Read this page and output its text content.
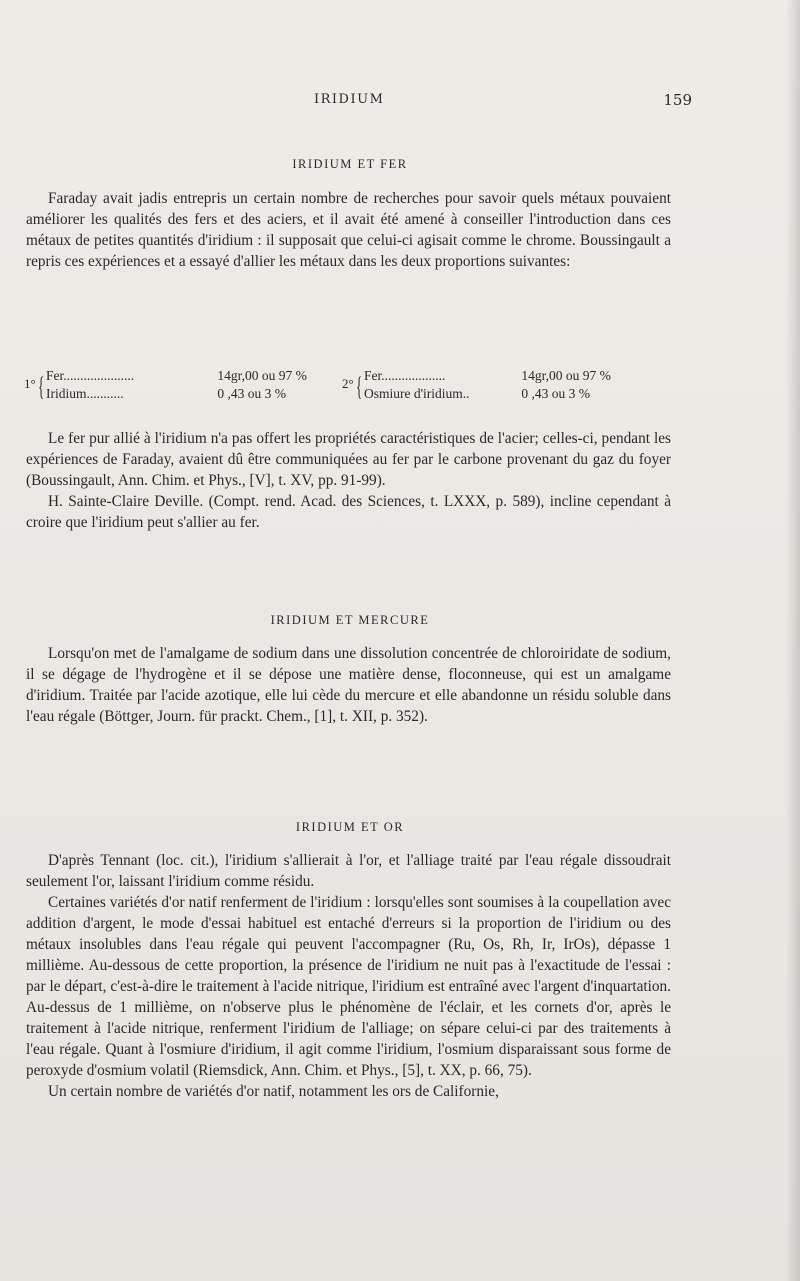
IRIDIUM	159
IRIDIUM ET FER

Faraday avait jadis entrepris un certain nombre de recherches pour savoir quels métaux pouvaient améliorer les qualités des fers et des aciers, et il avait été amené à conseiller l'introduction dans ces métaux de petites quantités d'iridium : il supposait que celui-ci agisait comme le chrome. Boussingault a repris ces expériences et a essayé d'allier les métaux dans les deux proportions suivantes:

1° { Fer.....................	14gr,00 ou 97 %
Iridium...........	0 ,43 ou 3 %
2° { Fer...................	14gr,00 ou 97 %
Osmiure d'iridium..	0 ,43 ou 3 %

Le fer pur allié à l'iridium n'a pas offert les propriétés caractéristiques de l'acier; celles-ci, pendant les expériences de Faraday, avaient dû être communiquées au fer par le carbone provenant du gaz du foyer (Boussingault, Ann. Chim. et Phys., [V], t. XV, pp. 91-99).

H. Sainte-Claire Deville. (Compt. rend. Acad. des Sciences, t. LXXX, p. 589), incline cependant à croire que l'iridium peut s'allier au fer.

IRIDIUM ET MERCURE

Lorsqu'on met de l'amalgame de sodium dans une dissolution concentrée de chloroiridate de sodium, il se dégage de l'hydrogène et il se dépose une matière dense, floconneuse, qui est un amalgame d'iridium. Traitée par l'acide azotique, elle lui cède du mercure et elle abandonne un résidu soluble dans l'eau régale (Böttger, Journ. für prackt. Chem., [1], t. XII, p. 352).

IRIDIUM ET OR

D'après Tennant (loc. cit.), l'iridium s'allierait à l'or, et l'alliage traité par l'eau régale dissoudrait seulement l'or, laissant l'iridium comme résidu.

Certaines variétés d'or natif renferment de l'iridium : lorsqu'elles sont soumises à la coupellation avec addition d'argent, le mode d'essai habituel est entaché d'erreurs si la proportion de l'iridium ou des métaux insolubles dans l'eau régale qui peuvent l'accompagner (Ru, Os, Rh, Ir, IrOs), dépasse 1 millième. Au-dessous de cette proportion, la présence de l'iridium ne nuit pas à l'exactitude de l'essai : par le départ, c'est-à-dire le traitement à l'acide nitrique, l'iridium est entraîné avec l'argent d'inquartation. Au-dessus de 1 millième, on n'observe plus le phénomène de l'éclair, et les cornets d'or, après le traitement à l'acide nitrique, renferment l'iridium de l'alliage; on sépare celui-ci par des traitements à l'eau régale. Quant à l'osmiure d'iridium, il agit comme l'iridium, l'osmium disparaissant sous forme de peroxyde d'osmium volatil (Riemsdick, Ann. Chim. et Phys., [5], t. XX, p. 66, 75).

Un certain nombre de variétés d'or natif, notamment les ors de Californie,
